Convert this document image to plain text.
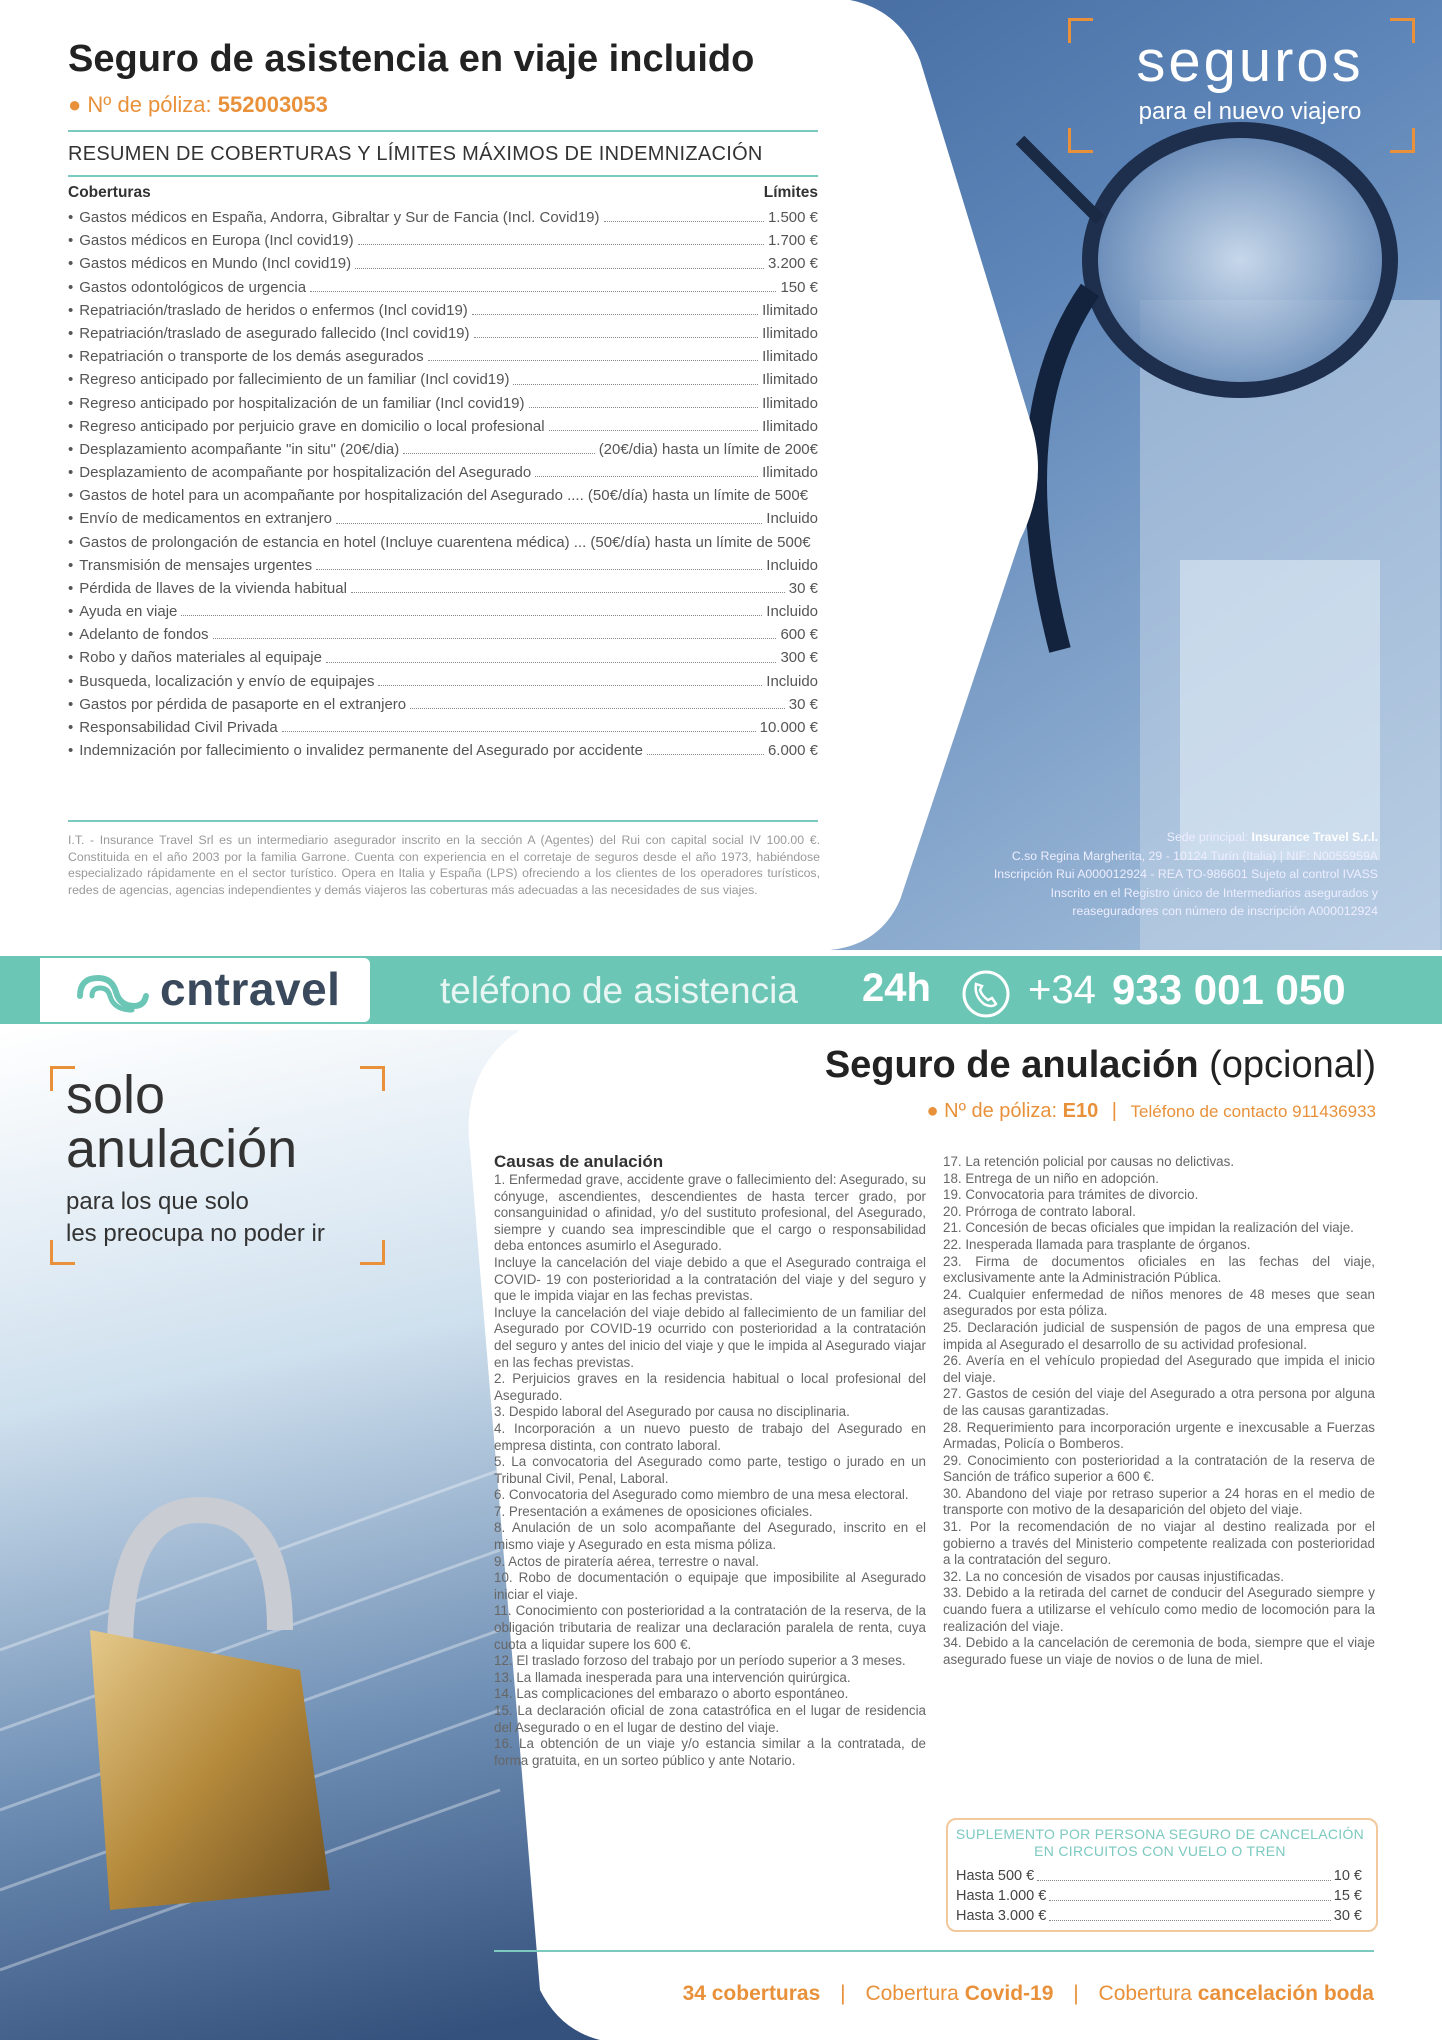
seguros
para el nuevo viajero
Seguro de asistencia en viaje incluido
● Nº de póliza: 552003053
RESUMEN DE COBERTURAS Y LÍMITES MÁXIMOS DE INDEMNIZACIÓN
Coberturas	Límites
• Gastos médicos en España, Andorra, Gibraltar y Sur de Fancia (Incl. Covid19)	1.500 €
• Gastos médicos en Europa (Incl covid19)	1.700 €
• Gastos médicos en Mundo (Incl covid19)	3.200 €
• Gastos odontológicos de urgencia	150 €
• Repatriación/traslado de heridos o enfermos (Incl covid19)	Ilimitado
• Repatriación/traslado de asegurado fallecido (Incl covid19)	Ilimitado
• Repatriación o transporte de los demás asegurados	Ilimitado
• Regreso anticipado por fallecimiento de un familiar (Incl covid19)	Ilimitado
• Regreso anticipado por hospitalización de un familiar (Incl covid19)	Ilimitado
• Regreso anticipado por perjuicio grave en domicilio o local profesional	Ilimitado
• Desplazamiento acompañante "in situ" (20€/dia)	(20€/dia) hasta un límite de 200€
• Desplazamiento de acompañante por hospitalización del Asegurado	Ilimitado
• Gastos de hotel para un acompañante por hospitalización del Asegurado .... (50€/día) hasta un límite de 500€
• Envío de medicamentos en extranjero	Incluido
• Gastos de prolongación de estancia en hotel (Incluye cuarentena médica) ... (50€/día) hasta un límite de 500€
• Transmisión de mensajes urgentes	Incluido
• Pérdida de llaves de la vivienda habitual	30 €
• Ayuda en viaje	Incluido
• Adelanto de fondos	600 €
• Robo y daños materiales al equipaje	300 €
• Busqueda, localización y envío de equipajes	Incluido
• Gastos por pérdida de pasaporte en el extranjero	30 €
• Responsabilidad Civil Privada	10.000 €
• Indemnización por fallecimiento o invalidez permanente del Asegurado por accidente	6.000 €
I.T. - Insurance Travel Srl es un intermediario asegurador inscrito en la sección A (Agentes) del Rui con capital social IV 100.00 €. Constituida en el año 2003 por la familia Garrone. Cuenta con experiencia en el corretaje de seguros desde el año 1973, habiéndose especializado rápidamente en el sector turístico. Opera en Italia y España (LPS) ofreciendo a los clientes de los operadores turísticos, redes de agencias, agencias independientes y demás viajeros las coberturas más adecuadas a las necesidades de sus viajes.
Sede principal: Insurance Travel S.r.l.
C.so Regina Margherita, 29 - 10124 Turín (Italia) | NIF: N0055959A
Inscripción Rui A000012924 - REA TO-986601 Sujeto al control IVASS
Inscrito en el Registro único de Intermediarios asegurados y
reaseguradores con número de inscripción A000012924
cntravel	teléfono de asistencia 24h +34 933 001 050
solo
anulación
para los que solo
les preocupa no poder ir
Seguro de anulación (opcional)
● Nº de póliza: E10 | Teléfono de contacto 911436933
Causas de anulación

1. Enfermedad grave, accidente grave o fallecimiento del: Asegurado, su cónyuge, ascendientes, descendientes de hasta tercer grado, por consanguinidad o afinidad, y/o del sustituto profesional, del Asegurado, siempre y cuando sea imprescindible que el cargo o responsabilidad deba entonces asumirlo el Asegurado.

Incluye la cancelación del viaje debido a que el Asegurado contraiga el COVID- 19 con posterioridad a la contratación del viaje y del seguro y que le impida viajar en las fechas previstas.

Incluye la cancelación del viaje debido al fallecimiento de un familiar del Asegurado por COVID-19 ocurrido con posterioridad a la contratación del seguro y antes del inicio del viaje y que le impida al Asegurado viajar en las fechas previstas.

2. Perjuicios graves en la residencia habitual o local profesional del Asegurado.

3. Despido laboral del Asegurado por causa no disciplinaria.

4. Incorporación a un nuevo puesto de trabajo del Asegurado en empresa distinta, con contrato laboral.

5. La convocatoria del Asegurado como parte, testigo o jurado en un Tribunal Civil, Penal, Laboral.

6. Convocatoria del Asegurado como miembro de una mesa electoral.

7. Presentación a exámenes de oposiciones oficiales.

8. Anulación de un solo acompañante del Asegurado, inscrito en el mismo viaje y Asegurado en esta misma póliza.

9. Actos de piratería aérea, terrestre o naval.

10. Robo de documentación o equipaje que imposibilite al Asegurado iniciar el viaje.

11. Conocimiento con posterioridad a la contratación de la reserva, de la obligación tributaria de realizar una declaración paralela de renta, cuya cuota a liquidar supere los 600 €.

12. El traslado forzoso del trabajo por un período superior a 3 meses.

13. La llamada inesperada para una intervención quirúrgica.

14. Las complicaciones del embarazo o aborto espontáneo.

15. La declaración oficial de zona catastrófica en el lugar de residencia del Asegurado o en el lugar de destino del viaje.

16. La obtención de un viaje y/o estancia similar a la contratada, de forma gratuita, en un sorteo público y ante Notario.

17. La retención policial por causas no delictivas.

18. Entrega de un niño en adopción.

19. Convocatoria para trámites de divorcio.

20. Prórroga de contrato laboral.

21. Concesión de becas oficiales que impidan la realización del viaje.

22. Inesperada llamada para trasplante de órganos.

23. Firma de documentos oficiales en las fechas del viaje, exclusivamente ante la Administración Pública.

24. Cualquier enfermedad de niños menores de 48 meses que sean asegurados por esta póliza.

25. Declaración judicial de suspensión de pagos de una empresa que impida al Asegurado el desarrollo de su actividad profesional.

26. Avería en el vehículo propiedad del Asegurado que impida el inicio del viaje.

27. Gastos de cesión del viaje del Asegurado a otra persona por alguna de las causas garantizadas.

28. Requerimiento para incorporación urgente e inexcusable a Fuerzas Armadas, Policía o Bomberos.

29. Conocimiento con posterioridad a la contratación de la reserva de Sanción de tráfico superior a 600 €.

30. Abandono del viaje por retraso superior a 24 horas en el medio de transporte con motivo de la desaparición del objeto del viaje.

31. Por la recomendación de no viajar al destino realizada por el gobierno a través del Ministerio competente realizada con posterioridad a la contratación del seguro.

32. La no concesión de visados por causas injustificadas.

33. Debido a la retirada del carnet de conducir del Asegurado siempre y cuando fuera a utilizarse el vehículo como medio de locomoción para la realización del viaje.

34. Debido a la cancelación de ceremonia de boda, siempre que el viaje asegurado fuese un viaje de novios o de luna de miel.

SUPLEMENTO POR PERSONA SEGURO DE CANCELACIÓN EN CIRCUITOS CON VUELO O TREN
Hasta 500 €	10 €
Hasta 1.000 €	15 €
Hasta 3.000 €	30 €
34 coberturas | Cobertura Covid-19 | Cobertura cancelación boda
